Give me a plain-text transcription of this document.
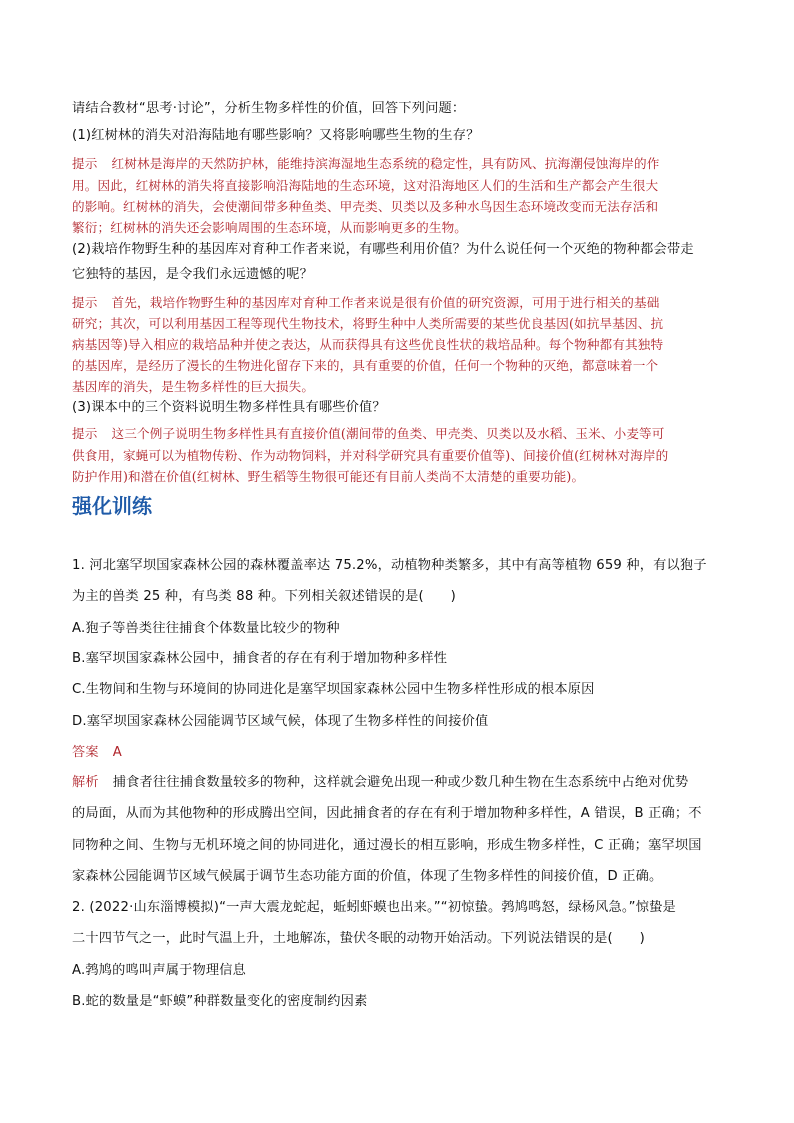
请结合教材“思考·讨论”，分析生物多样性的价值，回答下列问题：
(1)红树林的消失对沿海陆地有哪些影响？又将影响哪些生物的生存？
提示 红树林是海岸的天然防护林，能维持滨海湿地生态系统的稳定性，具有防风、抗海潮侵蚀海岸的作
用。因此，红树林的消失将直接影响沿海陆地的生态环境，这对沿海地区人们的生活和生产都会产生很大
的影响。红树林的消失，会使潮间带多种鱼类、甲壳类、贝类以及多种水鸟因生态环境改变而无法存活和
繁衍；红树林的消失还会影响周围的生态环境，从而影响更多的生物。
(2)栽培作物野生种的基因库对育种工作者来说，有哪些利用价值？为什么说任何一个灭绝的物种都会带走
它独特的基因，是令我们永远遗憾的呢？
提示 首先，栽培作物野生种的基因库对育种工作者来说是很有价值的研究资源，可用于进行相关的基础
研究；其次，可以利用基因工程等现代生物技术，将野生种中人类所需要的某些优良基因(如抗旱基因、抗
病基因等)导入相应的栽培品种并使之表达，从而获得具有这些优良性状的栽培品种。每个物种都有其独特
的基因库，是经历了漫长的生物进化留存下来的，具有重要的价值，任何一个物种的灭绝，都意味着一个
基因库的消失，是生物多样性的巨大损失。
(3)课本中的三个资料说明生物多样性具有哪些价值？
提示 这三个例子说明生物多样性具有直接价值(潮间带的鱼类、甲壳类、贝类以及水稻、玉米、小麦等可
供食用，家蝇可以为植物传粉、作为动物饲料，并对科学研究具有重要价值等)、间接价值(红树林对海岸的
防护作用)和潜在价值(红树林、野生稻等生物很可能还有目前人类尚不太清楚的重要功能)。
强化训练
1. 河北塞罕坝国家森林公园的森林覆盖率达 75.2%，动植物种类繁多，其中有高等植物 659 种，有以狍子
为主的兽类 25 种，有鸟类 88 种。下列相关叙述错误的是(　　)
A.狍子等兽类往往捕食个体数量比较少的物种
B.塞罕坝国家森林公园中，捕食者的存在有利于增加物种多样性
C.生物间和生物与环境间的协同进化是塞罕坝国家森林公园中生物多样性形成的根本原因
D.塞罕坝国家森林公园能调节区域气候，体现了生物多样性的间接价值
答案 A
解析 捕食者往往捕食数量较多的物种，这样就会避免出现一种或少数几种生物在生态系统中占绝对优势
的局面，从而为其他物种的形成腾出空间，因此捕食者的存在有利于增加物种多样性，A 错误，B 正确；不
同物种之间、生物与无机环境之间的协同进化，通过漫长的相互影响，形成生物多样性，C 正确；塞罕坝国
家森林公园能调节区域气候属于调节生态功能方面的价值，体现了生物多样性的间接价值，D 正确。
2. (2022·山东淄博模拟)“一声大震龙蛇起，蚯蚓虾蟆也出来。”“初惊蛰。鹁鸠鸣怒，绿杨风急。”惊蛰是
二十四节气之一，此时气温上升，土地解冻，蛰伏冬眠的动物开始活动。下列说法错误的是(　　)
A.鹁鸠的鸣叫声属于物理信息
B.蛇的数量是“虾蟆”种群数量变化的密度制约因素
